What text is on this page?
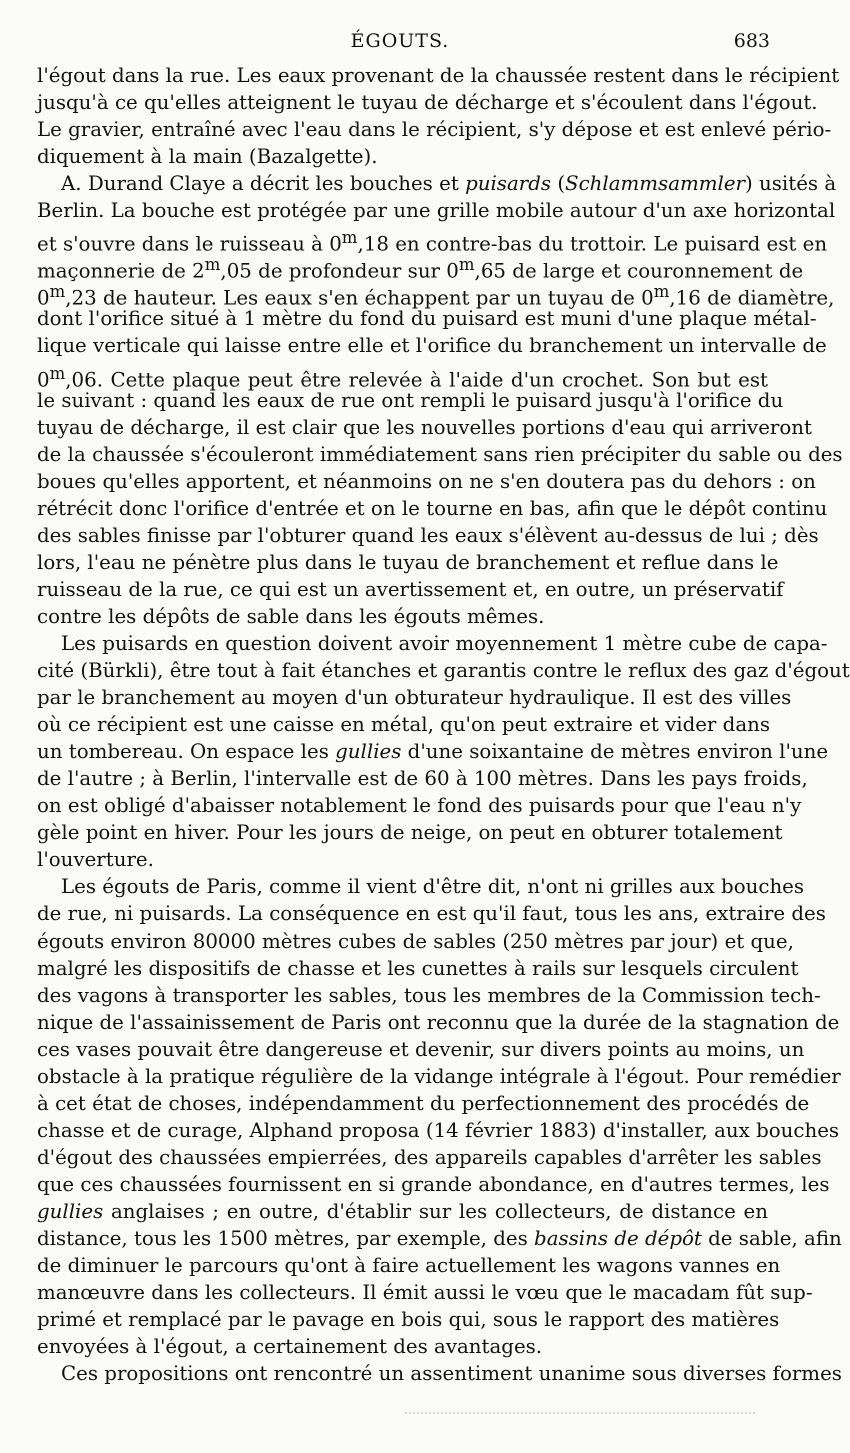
ÉGOUTS.	683
l'égout dans la rue. Les eaux provenant de la chaussée restent dans le récipient
jusqu'à ce qu'elles atteignent le tuyau de décharge et s'écoulent dans l'égout.
Le gravier, entraîné avec l'eau dans le récipient, s'y dépose et est enlevé pério-
diquement à la main (Bazalgette).
A. Durand Claye a décrit les bouches et puisards (Schlammsammler) usités à
Berlin. La bouche est protégée par une grille mobile autour d'un axe horizontal
et s'ouvre dans le ruisseau à 0$^m$,18 en contre-bas du trottoir. Le puisard est en
maçonnerie de 2$^m$,05 de profondeur sur 0$^m$,65 de large et couronnement de
0$^m$,23 de hauteur. Les eaux s'en échappent par un tuyau de 0$^m$,16 de diamètre,
dont l'orifice situé à 1 mètre du fond du puisard est muni d'une plaque métal-
lique verticale qui laisse entre elle et l'orifice du branchement un intervalle de
0$^m$,06. Cette plaque peut être relevée à l'aide d'un crochet. Son but est
le suivant : quand les eaux de rue ont rempli le puisard jusqu'à l'orifice du
tuyau de décharge, il est clair que les nouvelles portions d'eau qui arriveront
de la chaussée s'écouleront immédiatement sans rien précipiter du sable ou des
boues qu'elles apportent, et néanmoins on ne s'en doutera pas du dehors : on
rétrécit donc l'orifice d'entrée et on le tourne en bas, afin que le dépôt continu
des sables finisse par l'obturer quand les eaux s'élèvent au-dessus de lui ; dès
lors, l'eau ne pénètre plus dans le tuyau de branchement et reflue dans le
ruisseau de la rue, ce qui est un avertissement et, en outre, un préservatif
contre les dépôts de sable dans les égouts mêmes.
Les puisards en question doivent avoir moyennement 1 mètre cube de capa-
cité (Bürkli), être tout à fait étanches et garantis contre le reflux des gaz d'égout
par le branchement au moyen d'un obturateur hydraulique. Il est des villes
où ce récipient est une caisse en métal, qu'on peut extraire et vider dans
un tombereau. On espace les gullies d'une soixantaine de mètres environ l'une
de l'autre ; à Berlin, l'intervalle est de 60 à 100 mètres. Dans les pays froids,
on est obligé d'abaisser notablement le fond des puisards pour que l'eau n'y
gèle point en hiver. Pour les jours de neige, on peut en obturer totalement
l'ouverture.
Les égouts de Paris, comme il vient d'être dit, n'ont ni grilles aux bouches
de rue, ni puisards. La conséquence en est qu'il faut, tous les ans, extraire des
égouts environ 80000 mètres cubes de sables (250 mètres par jour) et que,
malgré les dispositifs de chasse et les cunettes à rails sur lesquels circulent
des vagons à transporter les sables, tous les membres de la Commission tech-
nique de l'assainissement de Paris ont reconnu que la durée de la stagnation de
ces vases pouvait être dangereuse et devenir, sur divers points au moins, un
obstacle à la pratique régulière de la vidange intégrale à l'égout. Pour remédier
à cet état de choses, indépendamment du perfectionnement des procédés de
chasse et de curage, Alphand proposa (14 février 1883) d'installer, aux bouches
d'égout des chaussées empierrées, des appareils capables d'arrêter les sables
que ces chaussées fournissent en si grande abondance, en d'autres termes, les
gullies anglaises ; en outre, d'établir sur les collecteurs, de distance en
distance, tous les 1500 mètres, par exemple, des bassins de dépôt de sable, afin
de diminuer le parcours qu'ont à faire actuellement les wagons vannes en
manœuvre dans les collecteurs. Il émit aussi le vœu que le macadam fût sup-
primé et remplacé par le pavage en bois qui, sous le rapport des matières
envoyées à l'égout, a certainement des avantages.
Ces propositions ont rencontré un assentiment unanime sous diverses formes
